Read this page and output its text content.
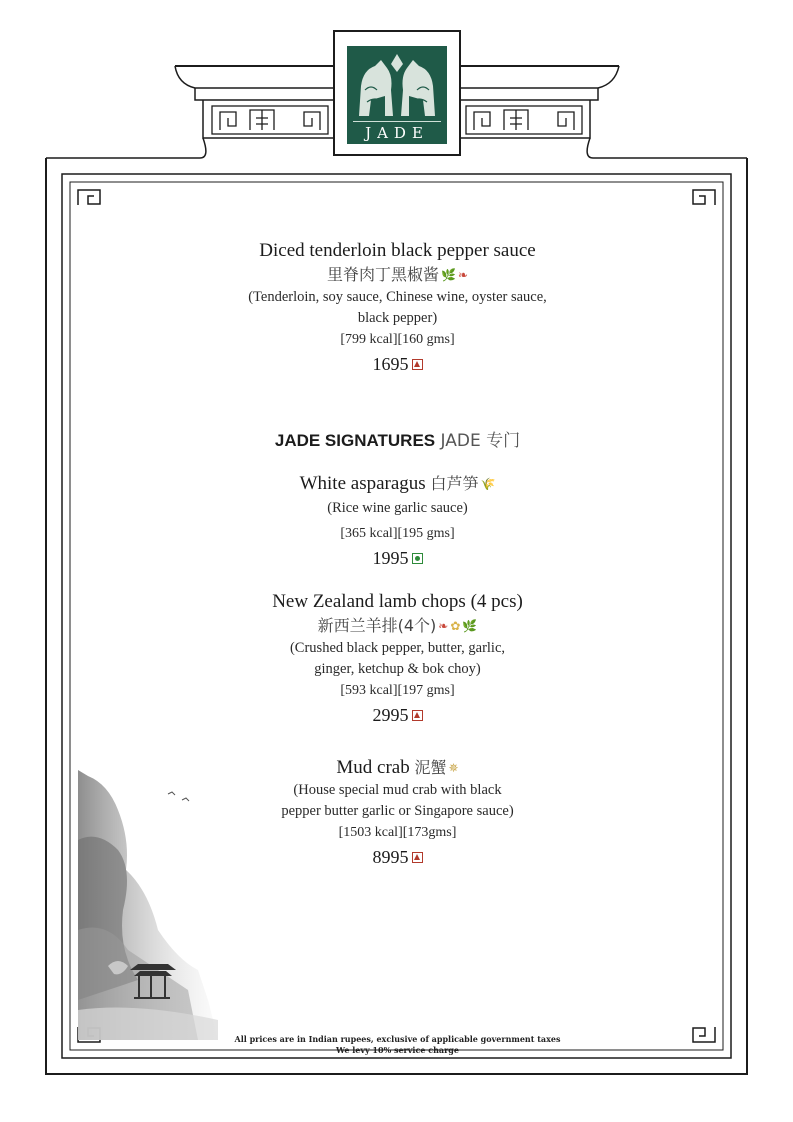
JADE
Diced tenderloin black pepper sauce
里脊肉丁黑椒酱 🌿 ❧
(Tenderloin, soy sauce, Chinese wine, oyster sauce,
black pepper)
[799 kcal][160 gms]
1695
JADE SIGNATURES JADE 专门
White asparagus 白芦笋 🌾
(Rice wine garlic sauce)
[365 kcal][195 gms]
1995
New Zealand lamb chops (4 pcs)
新西兰羊排(4个) ❧ ✿ 🌿
(Crushed black pepper, butter, garlic,
ginger, ketchup & bok choy)
[593 kcal][197 gms]
2995
Mud crab 泥蟹 ✵
(House special mud crab with black
pepper butter garlic or Singapore sauce)
[1503 kcal][173gms]
8995
All prices are in Indian rupees, exclusive of applicable government taxes
We levy 10% service charge
